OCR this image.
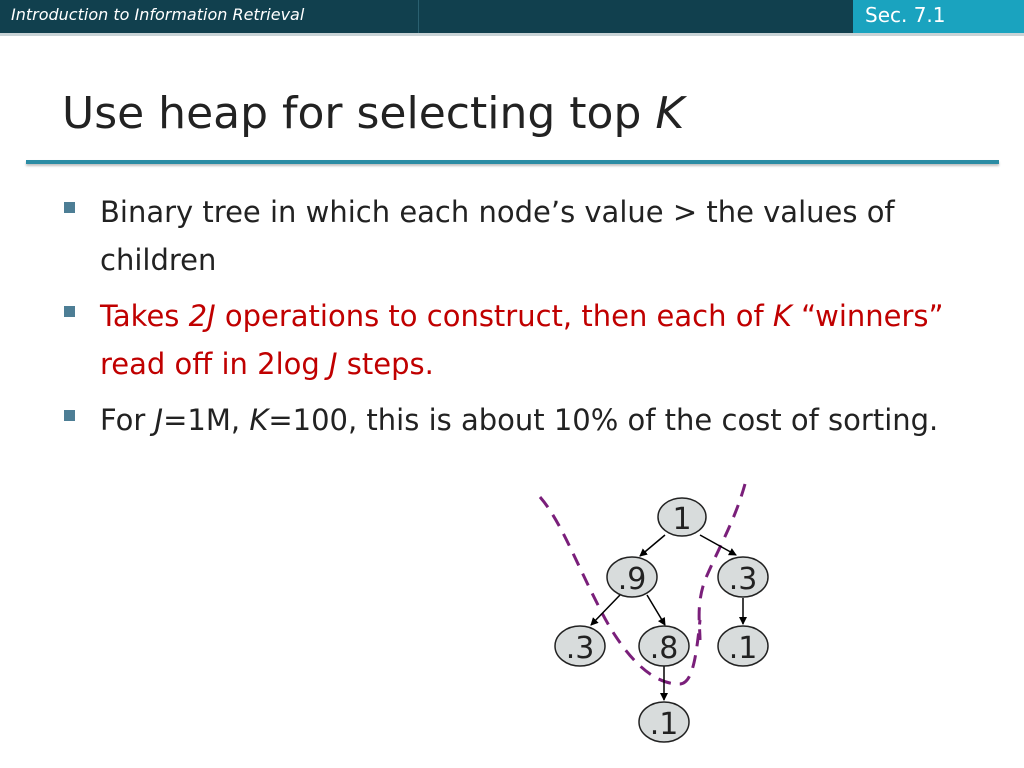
Introduction to Information Retrieval	Sec. 7.1
Use heap for selecting top K
Binary tree in which each node’s value > the values of children
Takes 2J operations to construct, then each of K “winners” read off in 2log J steps.
For J=1M, K=100, this is about 10% of the cost of sorting.
1
.9	.3
.3 .8 .1
.1
